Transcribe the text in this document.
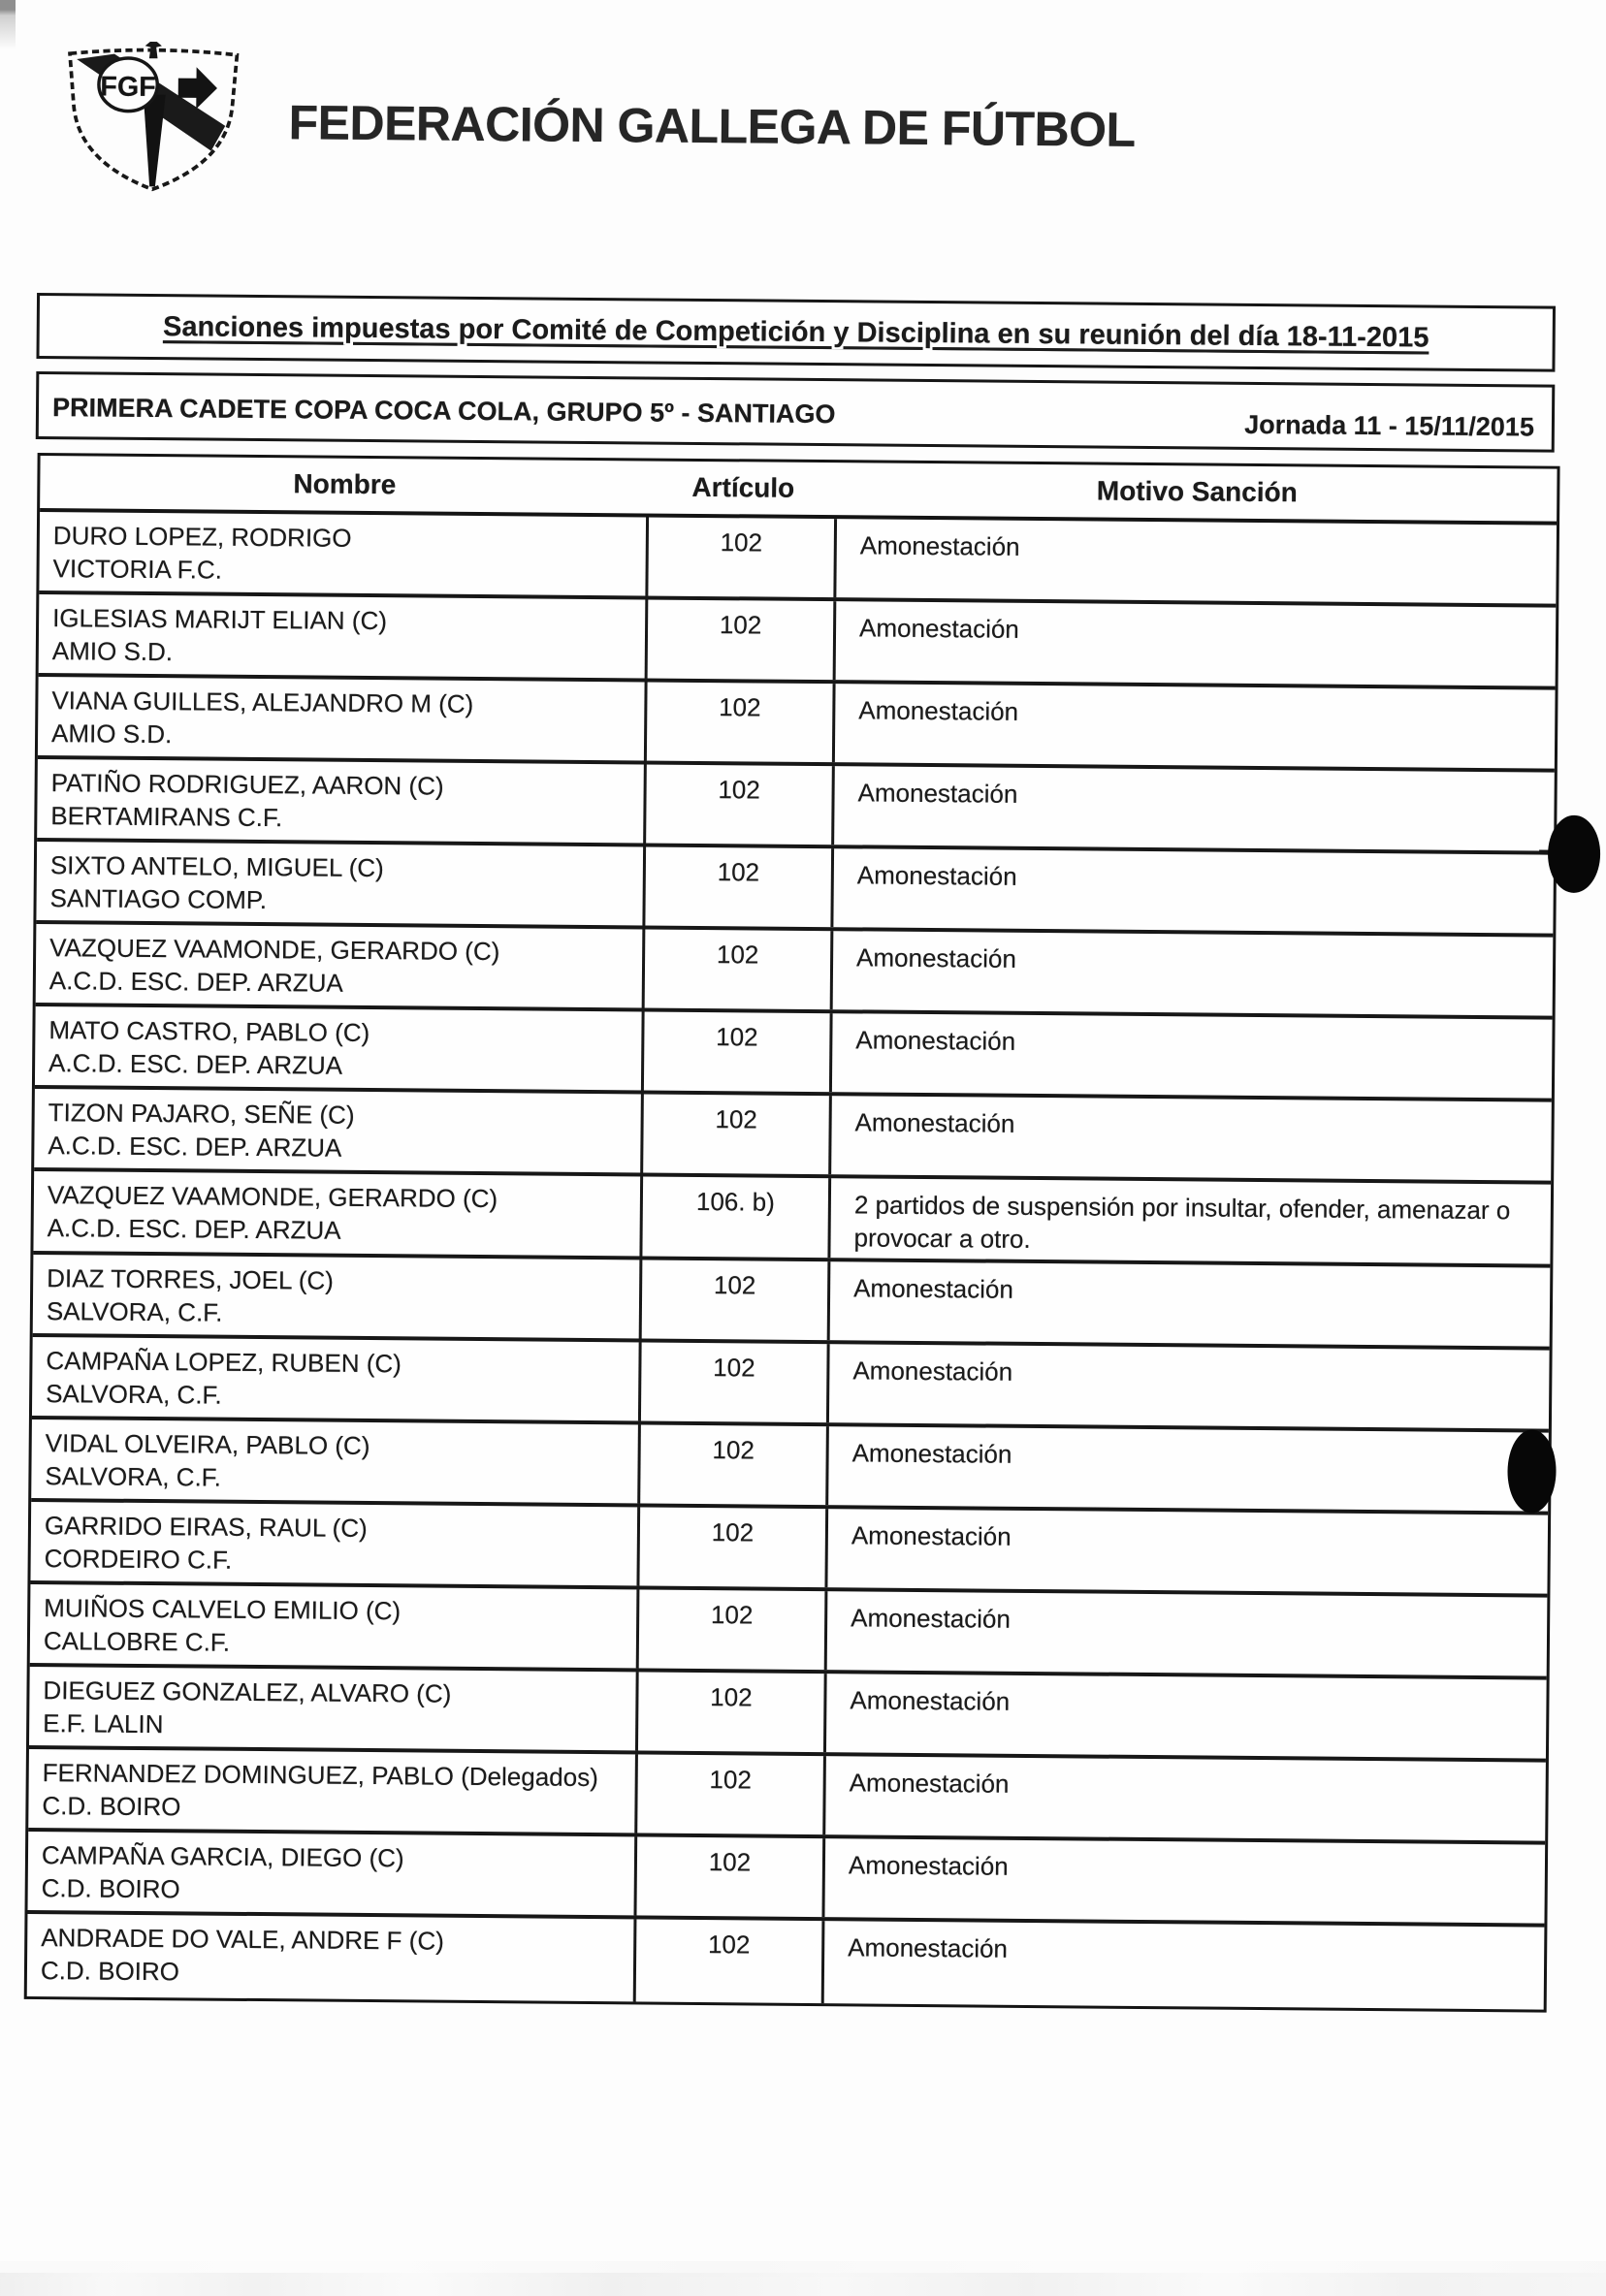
FGF
FEDERACIÓN GALLEGA DE FÚTBOL
Sanciones impuestas por Comité de Competición y Disciplina en su reunión del día 18-11-2015
PRIMERA CADETE COPA COCA COLA, GRUPO 5º - SANTIAGO	Jornada 11 - 15/11/2015
Nombre	Artículo	Motivo Sanción
DURO LOPEZ, RODRIGO
VICTORIA F.C.
102	Amonestación
IGLESIAS MARIJT ELIAN (C)
AMIO S.D.
102	Amonestación
VIANA GUILLES, ALEJANDRO M (C)
AMIO S.D.
102	Amonestación
PATIÑO RODRIGUEZ, AARON (C)
BERTAMIRANS C.F.
102	Amonestación
SIXTO ANTELO, MIGUEL (C)
SANTIAGO COMP.
102	Amonestación
VAZQUEZ VAAMONDE, GERARDO (C)
A.C.D. ESC. DEP. ARZUA
102	Amonestación
MATO CASTRO, PABLO (C)
A.C.D. ESC. DEP. ARZUA
102	Amonestación
TIZON PAJARO, SEÑE (C)
A.C.D. ESC. DEP. ARZUA
102	Amonestación
VAZQUEZ VAAMONDE, GERARDO (C)
A.C.D. ESC. DEP. ARZUA
106. b)	2 partidos de suspensión por insultar, ofender, amenazar o provocar a otro.
DIAZ TORRES, JOEL (C)
SALVORA, C.F.
102	Amonestación
CAMPAÑA LOPEZ, RUBEN (C)
SALVORA, C.F.
102	Amonestación
VIDAL OLVEIRA, PABLO (C)
SALVORA, C.F.
102	Amonestación
GARRIDO EIRAS, RAUL (C)
CORDEIRO C.F.
102	Amonestación
MUIÑOS CALVELO EMILIO (C)
CALLOBRE C.F.
102	Amonestación
DIEGUEZ GONZALEZ, ALVARO (C)
E.F. LALIN
102	Amonestación
FERNANDEZ DOMINGUEZ, PABLO (Delegados)
C.D. BOIRO
102	Amonestación
CAMPAÑA GARCIA, DIEGO (C)
C.D. BOIRO
102	Amonestación
ANDRADE DO VALE, ANDRE F (C)
C.D. BOIRO
102	Amonestación
